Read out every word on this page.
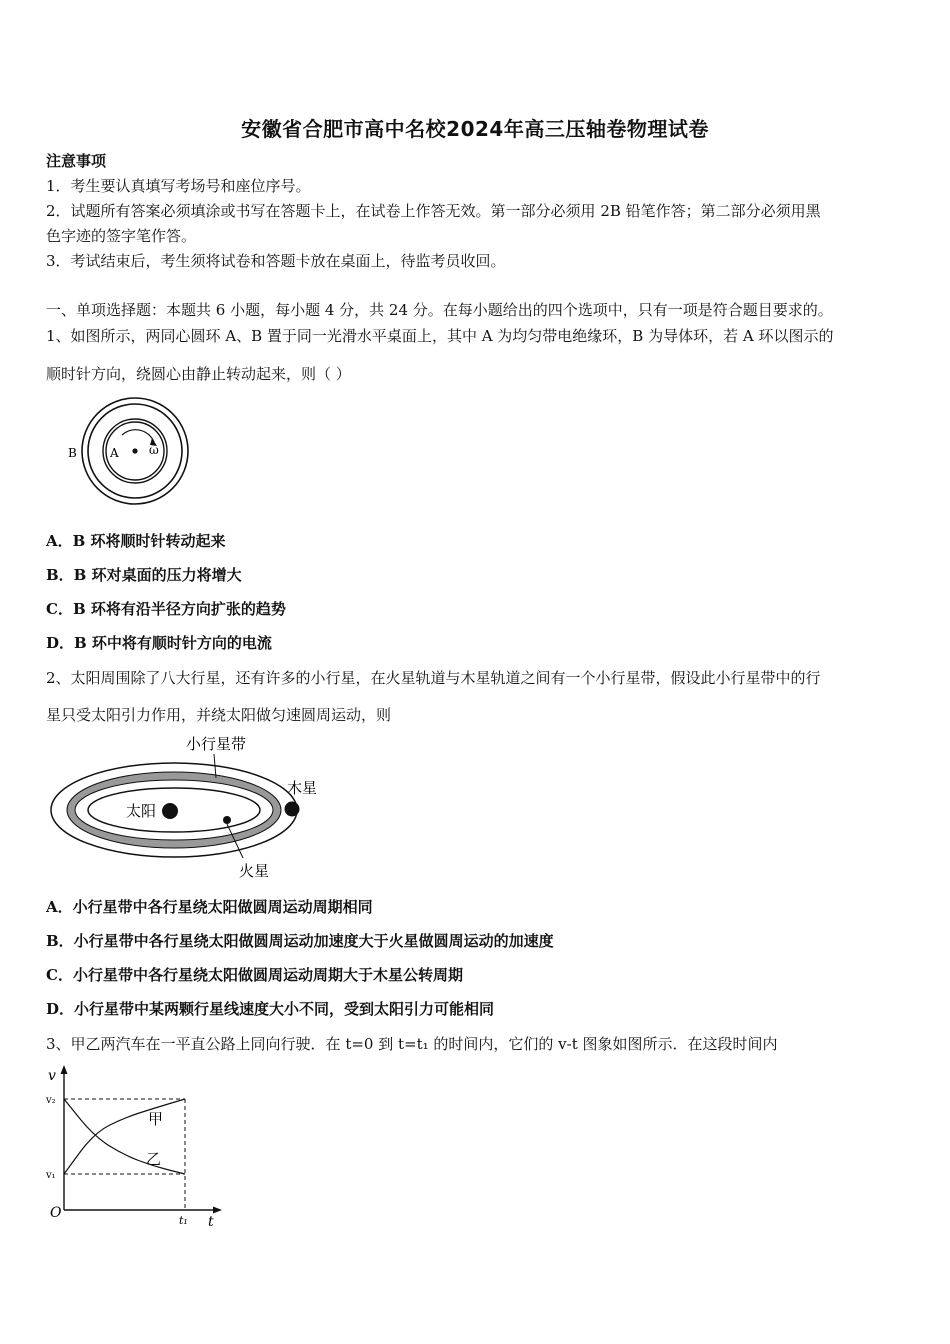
安徽省合肥市高中名校2024年高三压轴卷物理试卷
注意事项
1．考生要认真填写考场号和座位序号。
2．试题所有答案必须填涂或书写在答题卡上，在试卷上作答无效。第一部分必须用 2B 铅笔作答；第二部分必须用黑
色字迹的签字笔作答。
3．考试结束后，考生须将试卷和答题卡放在桌面上，待监考员收回。
一、单项选择题：本题共 6 小题，每小题 4 分，共 24 分。在每小题给出的四个选项中，只有一项是符合题目要求的。
1、如图所示，两同心圆环 A、B 置于同一光滑水平桌面上，其中 A 为均匀带电绝缘环，B 为导体环，若 A 环以图示的
顺时针方向，绕圆心由静止转动起来，则（ ）
B	A	ω
A．B 环将顺时针转动起来
B．B 环对桌面的压力将增大
C．B 环将有沿半径方向扩张的趋势
D．B 环中将有顺时针方向的电流
2、太阳周围除了八大行星，还有许多的小行星，在火星轨道与木星轨道之间有一个小行星带，假设此小行星带中的行
星只受太阳引力作用，并绕太阳做匀速圆周运动，则
小行星带
太阳
木星
火星
A．小行星带中各行星绕太阳做圆周运动周期相同
B．小行星带中各行星绕太阳做圆周运动加速度大于火星做圆周运动的加速度
C．小行星带中各行星绕太阳做圆周运动周期大于木星公转周期
D．小行星带中某两颗行星线速度大小不同，受到太阳引力可能相同
3、甲乙两汽车在一平直公路上同向行驶．在 t=0 到 t=t₁ 的时间内，它们的 v-t 图象如图所示．在这段时间内
v
t
O
v₂
v₁
t₁
甲
乙
